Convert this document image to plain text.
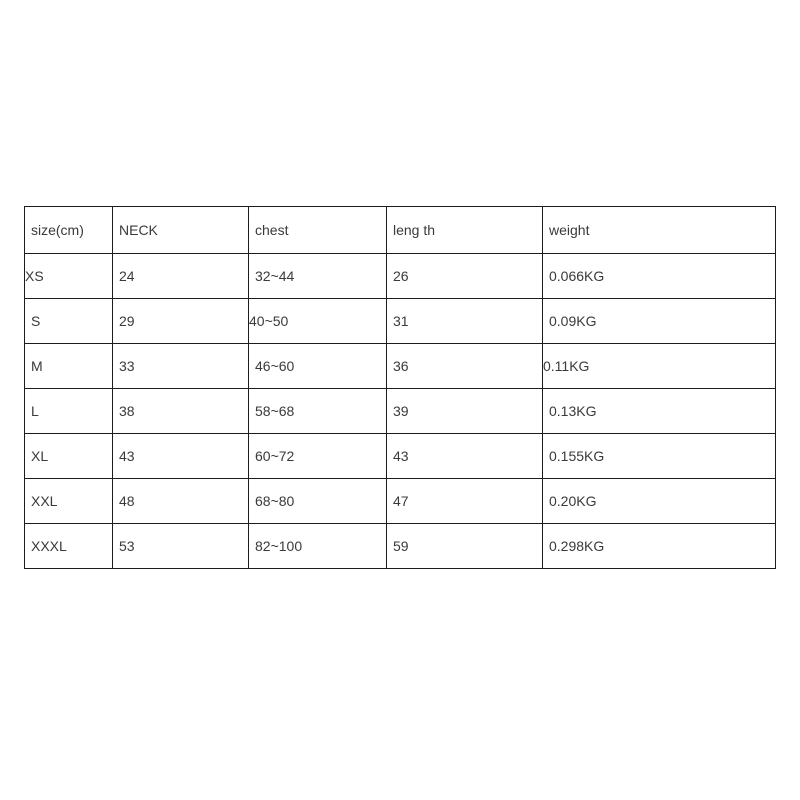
size(cm)	NECK	chest	leng th	weight
XS	24	32~44	26	0.066KG
S	29	40~50	31	0.09KG
M	33	46~60	36	0.11KG
L	38	58~68	39	0.13KG
XL	43	60~72	43	0.155KG
XXL	48	68~80	47	0.20KG
XXXL	53	82~100	59	0.298KG
